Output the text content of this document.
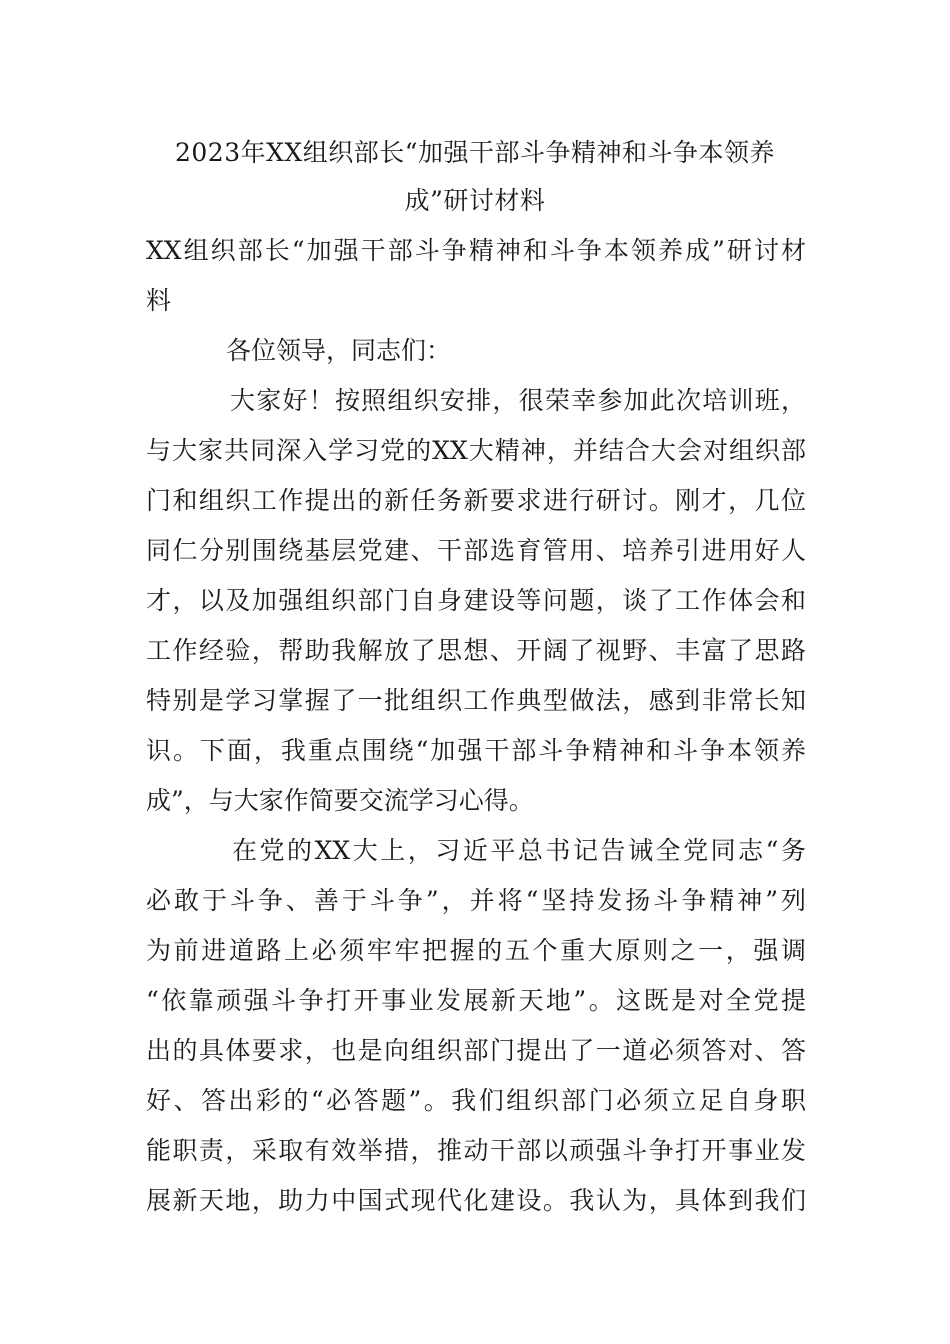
2023年XX组织部长“加强干部斗争精神和斗争本领养
成”研讨材料

XX组织部长“加强干部斗争精神和斗争本领养成”研讨材

料

各位领导，同志们：

大家好！按照组织安排，很荣幸参加此次培训班，

与大家共同深入学习党的XX大精神，并结合大会对组织部

门和组织工作提出的新任务新要求进行研讨。刚才，几位

同仁分别围绕基层党建、干部选育管用、培养引进用好人

才，以及加强组织部门自身建设等问题，谈了工作体会和

工作经验，帮助我解放了思想、开阔了视野、丰富了思路

特别是学习掌握了一批组织工作典型做法，感到非常长知

识。下面，我重点围绕“加强干部斗争精神和斗争本领养

成”，与大家作简要交流学习心得。

在党的XX大上，习近平总书记告诫全党同志“务

必敢于斗争、善于斗争”，并将“坚持发扬斗争精神”列

为前进道路上必须牢牢把握的五个重大原则之一，强调

“依靠顽强斗争打开事业发展新天地”。这既是对全党提

出的具体要求，也是向组织部门提出了一道必须答对、答

好、答出彩的“必答题”。我们组织部门必须立足自身职

能职责，采取有效举措，推动干部以顽强斗争打开事业发

展新天地，助力中国式现代化建设。我认为，具体到我们
